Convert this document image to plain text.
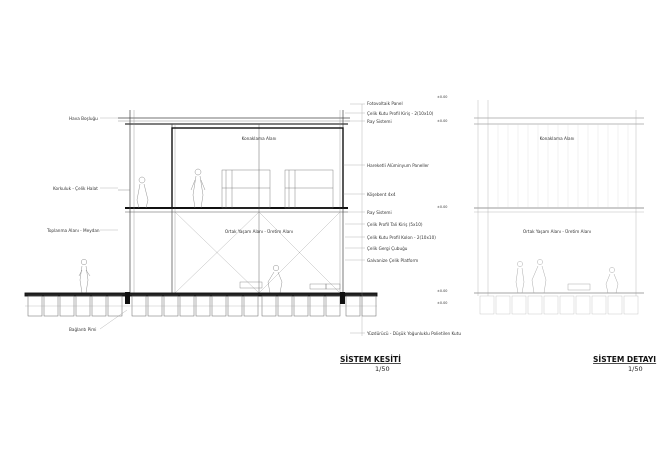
Hava Boşluğu
Korkuluk - Çelik Halat
Toplanma Alanı - Meydan
Bağlantı Pimi
Fotovoltaik Panel
Çelik Kutu Profil Kiriş - 2(10x10)
Ray Sistemi
Hareketli Alüminyum Paneller
Köşebent 4x4
Ray Sistemi
Çelik Profil Tali Kiriş (5x10)
Çelik Kutu Profil Kolon - 2(10x10)
Çelik Gergi Çubuğu
Galvanize Çelik Platform
Yüzdürücü - Düşük Yoğunluklu Polietilen Kutu
±0.00
±0.00
±0.00
±0.00
±0.00
Konaklama Alanı
Ortak Yaşam Alanı - Üretim Alanı
Konaklama Alanı
Ortak Yaşam Alanı - Üretim Alanı
SİSTEM KESİTİ
1/50
SİSTEM DETAYI
1/50
